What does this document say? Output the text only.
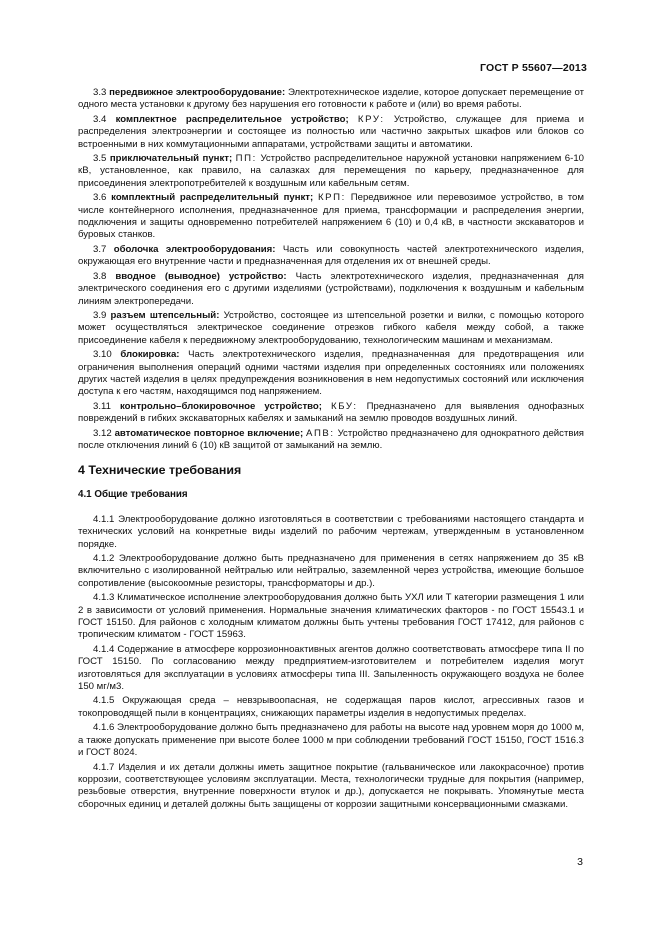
ГОСТ Р 55607—2013

3.3 передвижное электрооборудование: Электротехническое изделие, которое допускает перемещение от одного места установки к другому без нарушения его готовности к работе и (или) во время работы.

3.4 комплектное распределительное устройство; КРУ: Устройство, служащее для приема и распределения электроэнергии и состоящее из полностью или частично закрытых шкафов или блоков со встроенными в них коммутационными аппаратами, устройствами защиты и автоматики.

3.5 приключательный пункт; ПП: Устройство распределительное наружной установки напряжением 6-10 кВ, установленное, как правило, на салазках для перемещения по карьеру, предназначенное для присоединения электропотребителей к воздушным или кабельным сетям.

3.6 комплектный распределительный пункт; КРП: Передвижное или перевозимое устройство, в том числе контейнерного исполнения, предназначенное для приема, трансформации и распределения энергии, подключения и защиты одновременно потребителей напряжением 6 (10) и 0,4 кВ, в частности экскаваторов и буровых станков.

3.7 оболочка электрооборудования: Часть или совокупность частей электротехнического изделия, окружающая его внутренние части и предназначенная для отделения их от внешней среды.

3.8 вводное (выводное) устройство: Часть электротехнического изделия, предназначенная для электрического соединения его с другими изделиями (устройствами), подключения к воздушным и кабельным линиям электропередачи.

3.9 разъем штепсельный: Устройство, состоящее из штепсельной розетки и вилки, с помощью которого может осуществляться электрическое соединение отрезков гибкого кабеля между собой, а также присоединение кабеля к передвижному электрооборудованию, технологическим машинам и механизмам.

3.10 блокировка: Часть электротехнического изделия, предназначенная для предотвращения или ограничения выполнения операций одними частями изделия при определенных состояниях или положениях других частей изделия в целях предупреждения возникновения в нем недопустимых состояний или исключения доступа к его частям, находящимся под напряжением.

3.11 контрольно–блокировочное устройство; КБУ: Предназначено для выявления однофазных повреждений в гибких экскаваторных кабелях и замыканий на землю проводов воздушных линий.

3.12 автоматическое повторное включение; АПВ: Устройство предназначено для однократного действия после отключения линий 6 (10) кВ защитой от замыканий на землю.

4 Технические требования
4.1 Общие требования

4.1.1 Электрооборудование должно изготовляться в соответствии с требованиями настоящего стандарта и технических условий на конкретные виды изделий по рабочим чертежам, утвержденным в установленном порядке.

4.1.2 Электрооборудование должно быть предназначено для применения в сетях напряжением до 35 кВ включительно с изолированной нейтралью или нейтралью, заземленной через устройства, имеющие большое сопротивление (высокоомные резисторы, трансформаторы и др.).

4.1.3 Климатическое исполнение электрооборудования должно быть УХЛ или Т категории размещения 1 или 2 в зависимости от условий применения. Нормальные значения климатических факторов - по ГОСТ 15543.1 и ГОСТ 15150. Для районов с холодным климатом должны быть учтены требования ГОСТ 17412, для районов с тропическим климатом - ГОСТ 15963.

4.1.4 Содержание в атмосфере коррозионноактивных агентов должно соответствовать атмосфере типа II по ГОСТ 15150. По согласованию между предприятием-изготовителем и потребителем изделия могут изготовляться для эксплуатации в условиях атмосферы типа III. Запыленность окружающего воздуха не более 150 мг/м3.

4.1.5 Окружающая среда – невзрывоопасная, не содержащая паров кислот, агрессивных газов и токопроводящей пыли в концентрациях, снижающих параметры изделия в недопустимых пределах.

4.1.6 Электрооборудование должно быть предназначено для работы на высоте над уровнем моря до 1000 м, а также допускать применение при высоте более 1000 м при соблюдении требований ГОСТ 15150, ГОСТ 1516.3 и ГОСТ 8024.

4.1.7 Изделия и их детали должны иметь защитное покрытие (гальваническое или лакокрасочное) против коррозии, соответствующее условиям эксплуатации. Места, технологически трудные для покрытия (например, резьбовые отверстия, внутренние поверхности втулок и др.), допускается не покрывать. Упомянутые места сборочных единиц и деталей должны быть защищены от коррозии защитными консервационными смазками.

3
